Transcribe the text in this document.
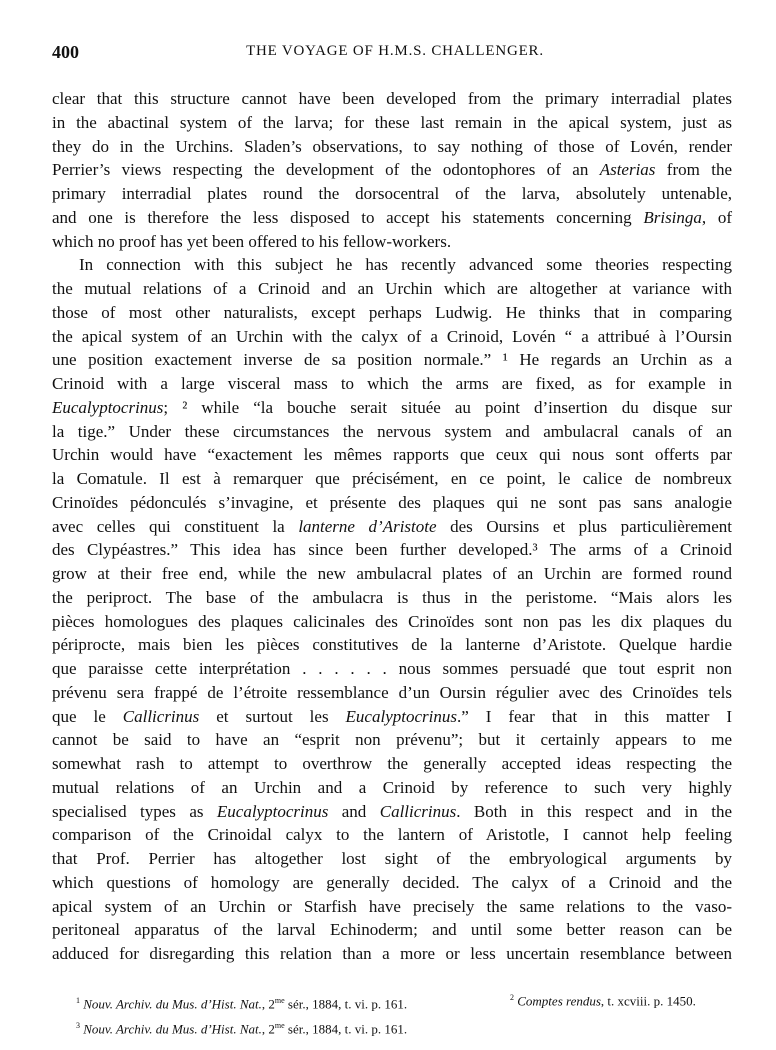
400	THE VOYAGE OF H.M.S. CHALLENGER.
clear that this structure cannot have been developed from the primary interradial plates
in the abactinal system of the larva; for these last remain in the apical system, just as
they do in the Urchins. Sladen’s observations, to say nothing of those of Lovén, render
Perrier’s views respecting the development of the odontophores of an Asterias from the
primary interradial plates round the dorsocentral of the larva, absolutely untenable,
and one is therefore the less disposed to accept his statements concerning Brisinga, of
which no proof has yet been offered to his fellow-workers.
In connection with this subject he has recently advanced some theories respecting
the mutual relations of a Crinoid and an Urchin which are altogether at variance with
those of most other naturalists, except perhaps Ludwig. He thinks that in comparing
the apical system of an Urchin with the calyx of a Crinoid, Lovén “ a attribué à l’Oursin
une position exactement inverse de sa position normale.” ¹ He regards an Urchin as a
Crinoid with a large visceral mass to which the arms are fixed, as for example in
Eucalyptocrinus; ² while “la bouche serait située au point d’insertion du disque sur
la tige.” Under these circumstances the nervous system and ambulacral canals of an
Urchin would have “exactement les mêmes rapports que ceux qui nous sont offerts par
la Comatule. Il est à remarquer que précisément, en ce point, le calice de nombreux
Crinoïdes pédonculés s’invagine, et présente des plaques qui ne sont pas sans analogie
avec celles qui constituent la lanterne d’Aristote des Oursins et plus particulièrement
des Clypéastres.” This idea has since been further developed.³ The arms of a Crinoid
grow at their free end, while the new ambulacral plates of an Urchin are formed round
the periproct. The base of the ambulacra is thus in the peristome. “Mais alors les
pièces homologues des plaques calicinales des Crinoïdes sont non pas les dix plaques du
périprocte, mais bien les pièces constitutives de la lanterne d’Aristote. Quelque hardie
que paraisse cette interprétation . . . . . . nous sommes persuadé que tout esprit non
prévenu sera frappé de l’étroite ressemblance d’un Oursin régulier avec des Crinoïdes tels
que le Callicrinus et surtout les Eucalyptocrinus.” I fear that in this matter I
cannot be said to have an “esprit non prévenu”; but it certainly appears to me
somewhat rash to attempt to overthrow the generally accepted ideas respecting the
mutual relations of an Urchin and a Crinoid by reference to such very highly
specialised types as Eucalyptocrinus and Callicrinus. Both in this respect and in the
comparison of the Crinoidal calyx to the lantern of Aristotle, I cannot help feeling
that Prof. Perrier has altogether lost sight of the embryological arguments by
which questions of homology are generally decided. The calyx of a Crinoid and the
apical system of an Urchin or Starfish have precisely the same relations to the vaso-
peritoneal apparatus of the larval Echinoderm; and until some better reason can be
adduced for disregarding this relation than a more or less uncertain resemblance between
$^1$ Nouv. Archiv. du Mus. d’Hist. Nat., $2^{me}$ sér., 1884, t. vi. p. 161.	$^2$ Comptes rendus, t. xcviii. p. 1450.
$^3$ Nouv. Archiv. du Mus. d’Hist. Nat., $2^{me}$ sér., 1884, t. vi. p. 161.
